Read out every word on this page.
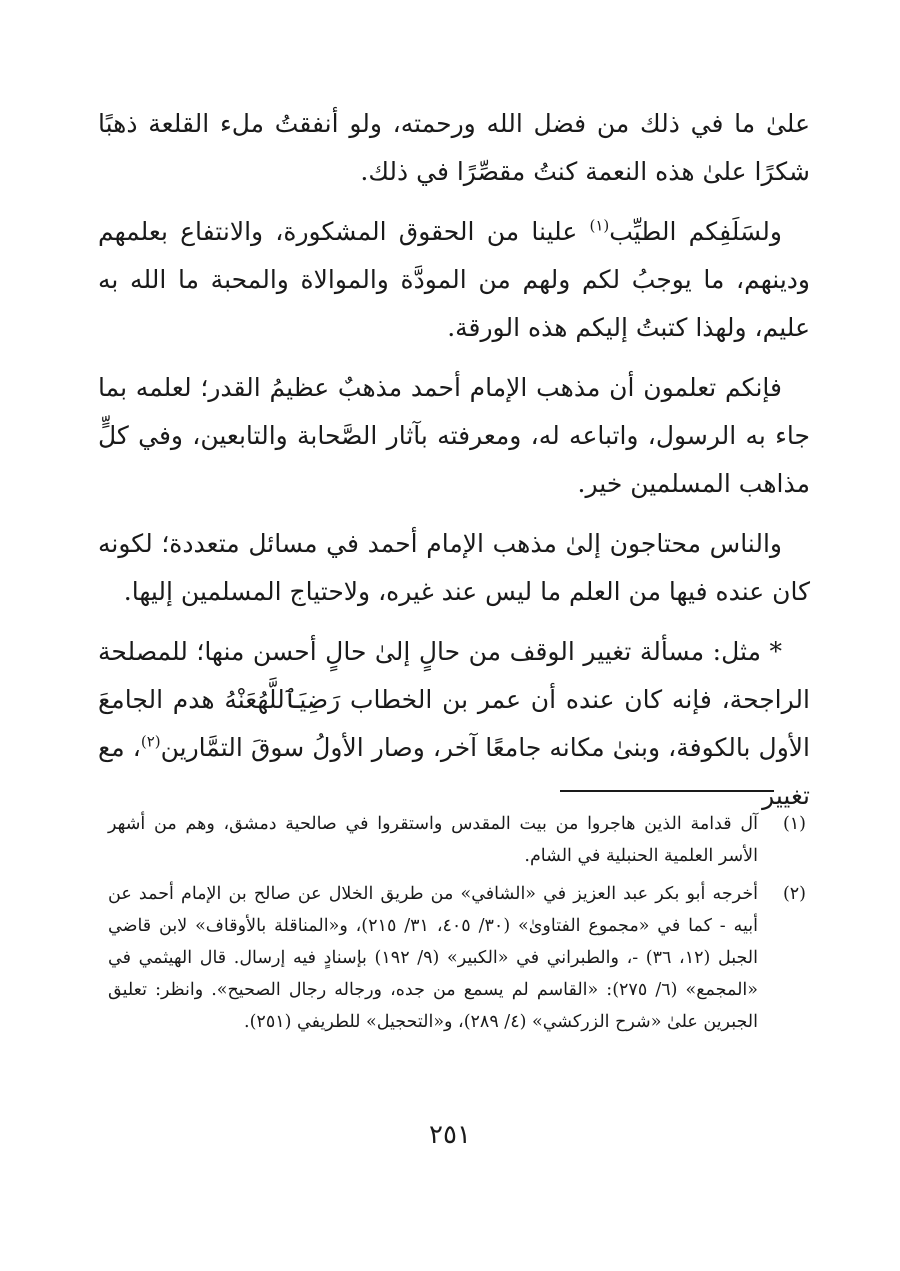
علىٰ ما في ذلك من فضل الله ورحمته، ولو أنفقتُ ملء القلعة ذهبًا شكرًا علىٰ هذه النعمة كنتُ مقصِّرًا في ذلك.

ولسَلَفِكم الطيِّب$^{(١)}$ علينا من الحقوق المشكورة، والانتفاع بعلمهم ودينهم، ما يوجبُ لكم ولهم من المودَّة والموالاة والمحبة ما الله به عليم، ولهذا كتبتُ إليكم هذه الورقة.

فإنكم تعلمون أن مذهب الإمام أحمد مذهبٌ عظيمُ القدر؛ لعلمه بما جاء به الرسول، واتباعه له، ومعرفته بآثار الصَّحابة والتابعين، وفي كلٍّ مذاهب المسلمين خير.

والناس محتاجون إلىٰ مذهب الإمام أحمد في مسائل متعددة؛ لكونه كان عنده فيها من العلم ما ليس عند غيره، ولاحتياج المسلمين إليها.

* مثل: مسألة تغيير الوقف من حالٍ إلىٰ حالٍ أحسن منها؛ للمصلحة الراجحة، فإنه كان عنده أن عمر بن الخطاب رَضِيَٱللَّهُعَنْهُ هدم الجامعَ الأول بالكوفة، وبنىٰ مكانه جامعًا آخر، وصار الأولُ سوقَ التمَّارين$^{(٢)}$، مع تغيير

(١)
آل قدامة الذين هاجروا من بيت المقدس واستقروا في صالحية دمشق، وهم من أشهر الأسر العلمية الحنبلية في الشام.
(٢)
أخرجه أبو بكر عبد العزيز في «الشافي» من طريق الخلال عن صالح بن الإمام أحمد عن أبيه - كما في «مجموع الفتاوىٰ» (٣٠/ ٤٠٥، ٣١/ ٢١٥)، و«المناقلة بالأوقاف» لابن قاضي الجبل (١٢، ٣٦) -، والطبراني في «الكبير» (٩/ ١٩٢) بإسنادٍ فيه إرسال. قال الهيثمي في «المجمع» (٦/ ٢٧٥): «القاسم لم يسمع من جده، ورجاله رجال الصحيح». وانظر: تعليق الجبرين علىٰ «شرح الزركشي» (٤/ ٢٨٩)، و«التحجيل» للطريفي (٢٥١).
٢٥١
